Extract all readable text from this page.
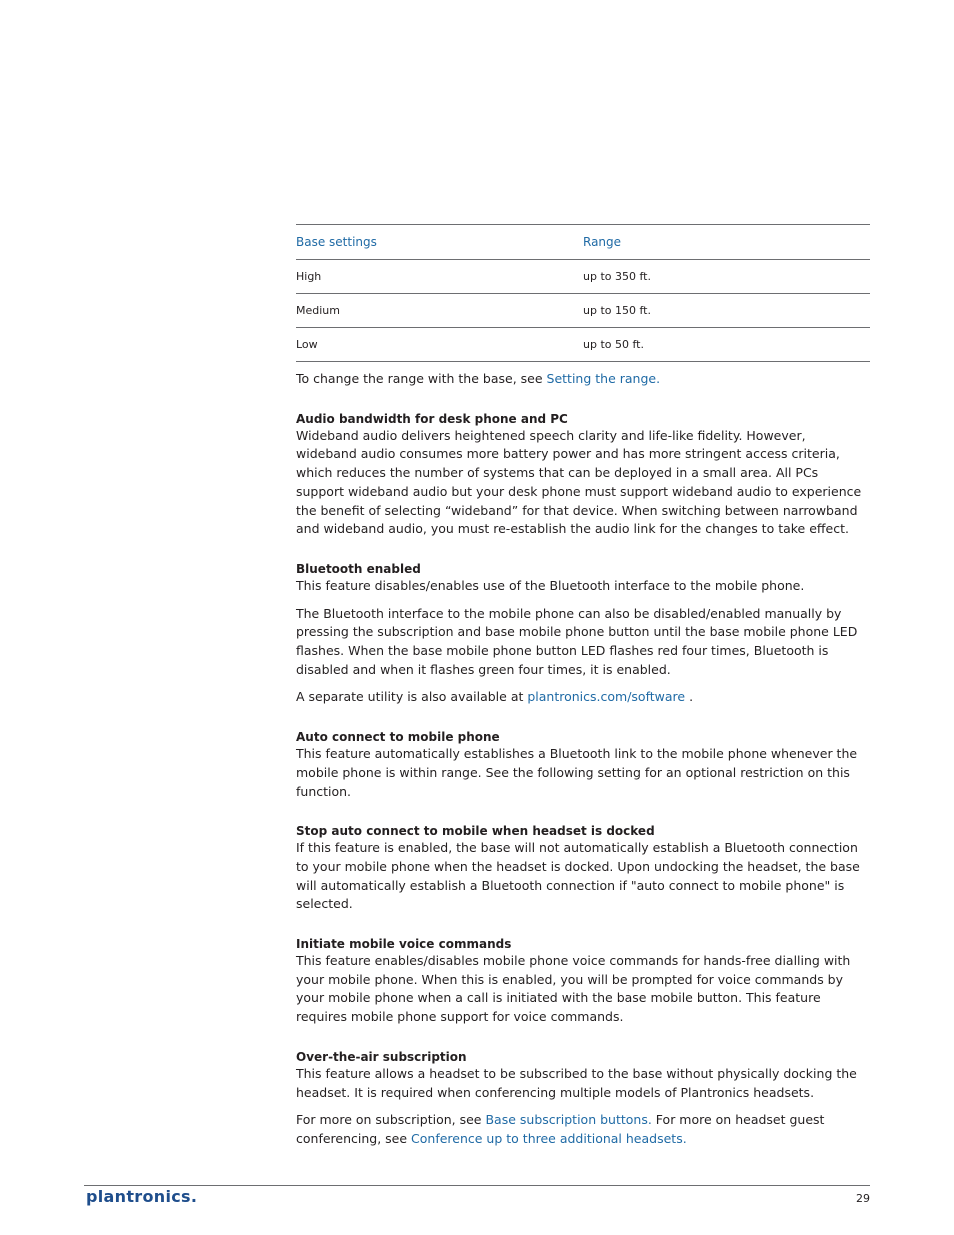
Base settings	Range
High	up to 350 ft.
Medium	up to 150 ft.
Low	up to 50 ft.

To change the range with the base, see Setting the range.

Audio bandwidth for desk phone and PC

Wideband audio delivers heightened speech clarity and life-like fidelity. However, wideband audio consumes more battery power and has more stringent access criteria, which reduces the number of systems that can be deployed in a small area. All PCs support wideband audio but your desk phone must support wideband audio to experience the benefit of selecting “wideband” for that device. When switching between narrowband and wideband audio, you must re-establish the audio link for the changes to take effect.

Bluetooth enabled

This feature disables/enables use of the Bluetooth interface to the mobile phone.

The Bluetooth interface to the mobile phone can also be disabled/enabled manually by pressing the subscription and base mobile phone button until the base mobile phone LED flashes. When the base mobile phone button LED flashes red four times, Bluetooth is disabled and when it flashes green four times, it is enabled.

A separate utility is also available at plantronics.com/software .

Auto connect to mobile phone

This feature automatically establishes a Bluetooth link to the mobile phone whenever the mobile phone is within range. See the following setting for an optional restriction on this function.

Stop auto connect to mobile when headset is docked

If this feature is enabled, the base will not automatically establish a Bluetooth connection to your mobile phone when the headset is docked. Upon undocking the headset, the base will automatically establish a Bluetooth connection if "auto connect to mobile phone" is selected.

Initiate mobile voice commands

This feature enables/disables mobile phone voice commands for hands-free dialling with your mobile phone. When this is enabled, you will be prompted for voice commands by your mobile phone when a call is initiated with the base mobile button. This feature requires mobile phone support for voice commands.

Over-the-air subscription

This feature allows a headset to be subscribed to the base without physically docking the headset. It is required when conferencing multiple models of Plantronics headsets.

For more on subscription, see Base subscription buttons. For more on headset guest conferencing, see Conference up to three additional headsets.

plantronics.	29
